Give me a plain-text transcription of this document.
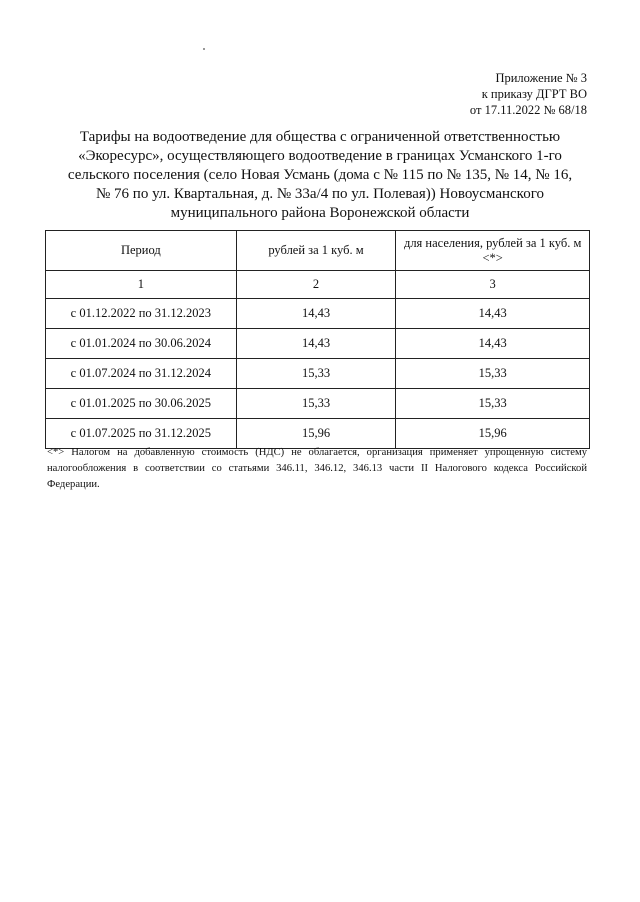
Приложение № 3
к приказу ДГРТ ВО
от 17.11.2022 № 68/18
Тарифы на водоотведение для общества с ограниченной ответственностью
«Экоресурс», осуществляющего водоотведение в границах Усманского 1-го
сельского поселения (село Новая Усмань (дома с № 115 по № 135, № 14, № 16,
№ 76 по ул. Квартальная, д. № 33а/4 по ул. Полевая)) Новоусманского
муниципального района Воронежской области
Период	рублей за 1 куб. м	для населения, рублей за 1 куб. м <*>
1	2	3
с 01.12.2022 по 31.12.2023	14,43	14,43
с 01.01.2024 по 30.06.2024	14,43	14,43
с 01.07.2024 по 31.12.2024	15,33	15,33
с 01.01.2025 по 30.06.2025	15,33	15,33
с 01.07.2025 по 31.12.2025	15,96	15,96
<*> Налогом на добавленную стоимость (НДС) не облагается, организация применяет упрощенную систему налогообложения в соответствии со статьями 346.11, 346.12, 346.13 части II Налогового кодекса Российской Федерации.
